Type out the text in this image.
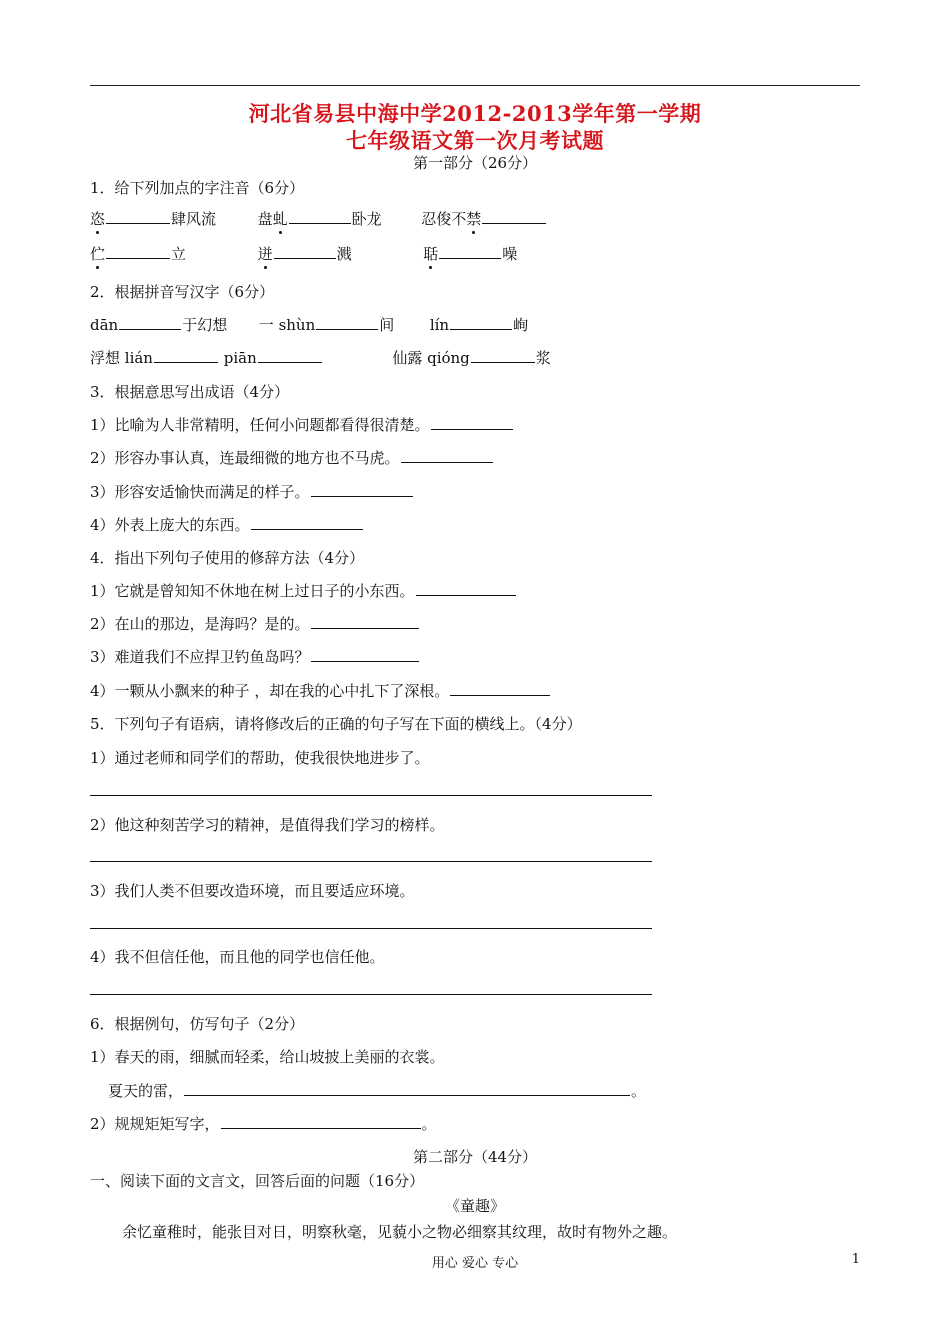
河北省易县中海中学2012-2013学年第一学期
七年级语文第一次月考试题
第一部分（26分）
1．给下列加点的字注音（6分）
恣	肆风流	盘虬	卧龙	忍俊不禁
伫	立	迸	溅	聒	噪
2．根据拼音写汉字（6分）
dān	于幻想 一 shùn	间 lín	峋
浮想 lián	piān	仙露 qióng	浆
3．根据意思写出成语（4分）
1）比喻为人非常精明，任何小问题都看得很清楚。
2）形容办事认真，连最细微的地方也不马虎。
3）形容安适愉快而满足的样子。
4）外表上庞大的东西。
4．指出下列句子使用的修辞方法（4分）
1）它就是曾知知不休地在树上过日子的小东西。
2）在山的那边，是海吗？是的。
3）难道我们不应捍卫钓鱼岛吗？
4）一颗从小飘来的种子 ，却在我的心中扎下了深根。
5．下列句子有语病，请将修改后的正确的句子写在下面的横线上。（4分）
1）通过老师和同学们的帮助，使我很快地进步了。
2）他这种刻苦学习的精神，是值得我们学习的榜样。
3）我们人类不但要改造环境，而且要适应环境。
4）我不但信任他，而且他的同学也信任他。
6．根据例句，仿写句子（2分）
1）春天的雨，细腻而轻柔，给山坡披上美丽的衣裳。
夏天的雷，	。
2）规规矩矩写字，	。
第二部分（44分）
一、阅读下面的文言文，回答后面的问题（16分）
《童趣》
余忆童稚时，能张目对日，明察秋毫，见藐小之物必细察其纹理，故时有物外之趣。
用心 爱心 专心	1
